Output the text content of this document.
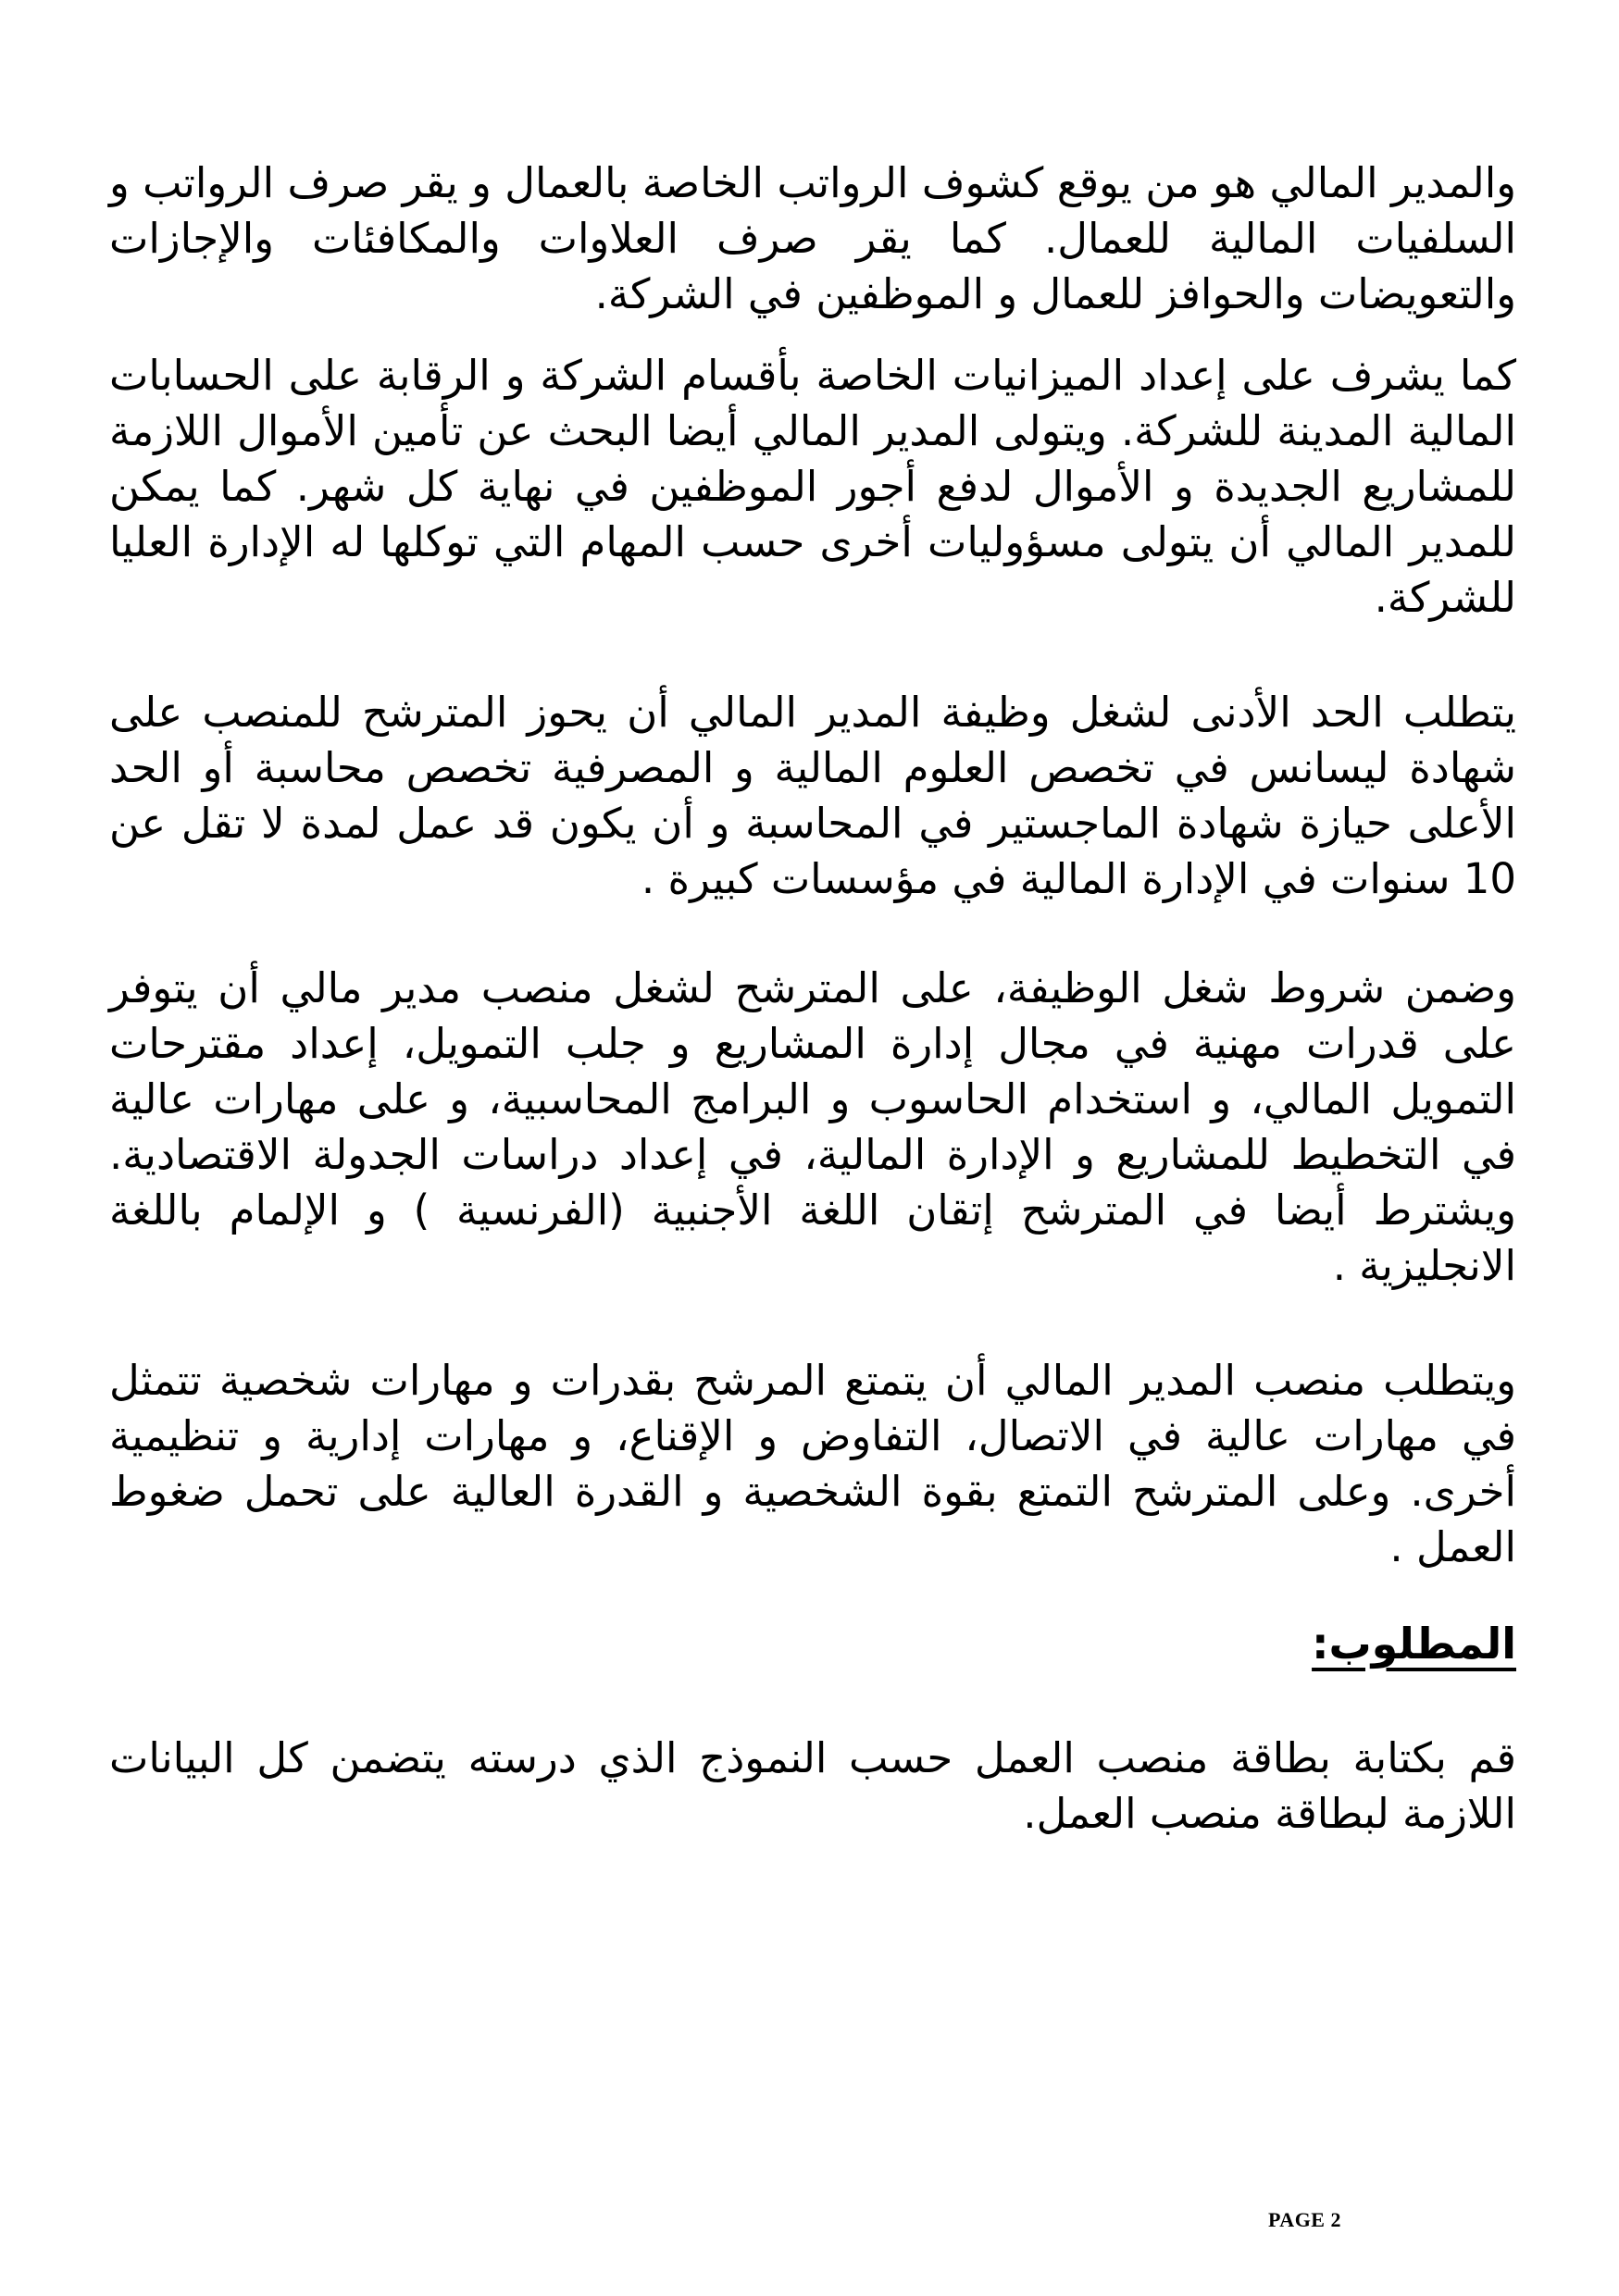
والمدير المالي هو من يوقع كشوف الرواتب الخاصة بالعمال و يقر صرف الرواتب و السلفيات المالية للعمال. كما يقر صرف العلاوات والمكافئات والإجازات والتعويضات والحوافز للعمال و الموظفين في الشركة.

كما يشرف على إعداد الميزانيات الخاصة بأقسام الشركة و الرقابة على الحسابات المالية المدينة للشركة. ويتولى المدير المالي أيضا البحث عن تأمين الأموال اللازمة للمشاريع الجديدة و الأموال لدفع أجور الموظفين في نهاية كل شهر. كما يمكن للمدير المالي أن يتولى مسؤوليات أخرى حسب المهام التي توكلها له الإدارة العليا للشركة.

يتطلب الحد الأدنى لشغل وظيفة المدير المالي أن يحوز المترشح للمنصب على شهادة ليسانس في تخصص العلوم المالية و المصرفية تخصص محاسبة أو الحد الأعلى حيازة شهادة الماجستير في المحاسبة و أن يكون قد عمل لمدة لا تقل عن 10 سنوات في الإدارة المالية في مؤسسات كبيرة .

وضمن شروط شغل الوظيفة، على المترشح لشغل منصب مدير مالي أن يتوفر على قدرات مهنية في مجال إدارة المشاريع و جلب التمويل، إعداد مقترحات التمويل المالي، و استخدام الحاسوب و البرامج المحاسبية، و على مهارات عالية في التخطيط للمشاريع و الإدارة المالية، في إعداد دراسات الجدولة الاقتصادية. ويشترط أيضا في المترشح إتقان اللغة الأجنبية (الفرنسية ) و الإلمام باللغة الانجليزية .

ويتطلب منصب المدير المالي أن يتمتع المرشح بقدرات و مهارات شخصية تتمثل في مهارات عالية في الاتصال، التفاوض و الإقناع، و مهارات إدارية و تنظيمية أخرى. وعلى المترشح التمتع بقوة الشخصية و القدرة العالية على تحمل ضغوط العمل .

المطلوب:

قم بكتابة بطاقة منصب العمل حسب النموذج الذي درسته يتضمن كل البيانات اللازمة لبطاقة منصب العمل.

PAGE 2
